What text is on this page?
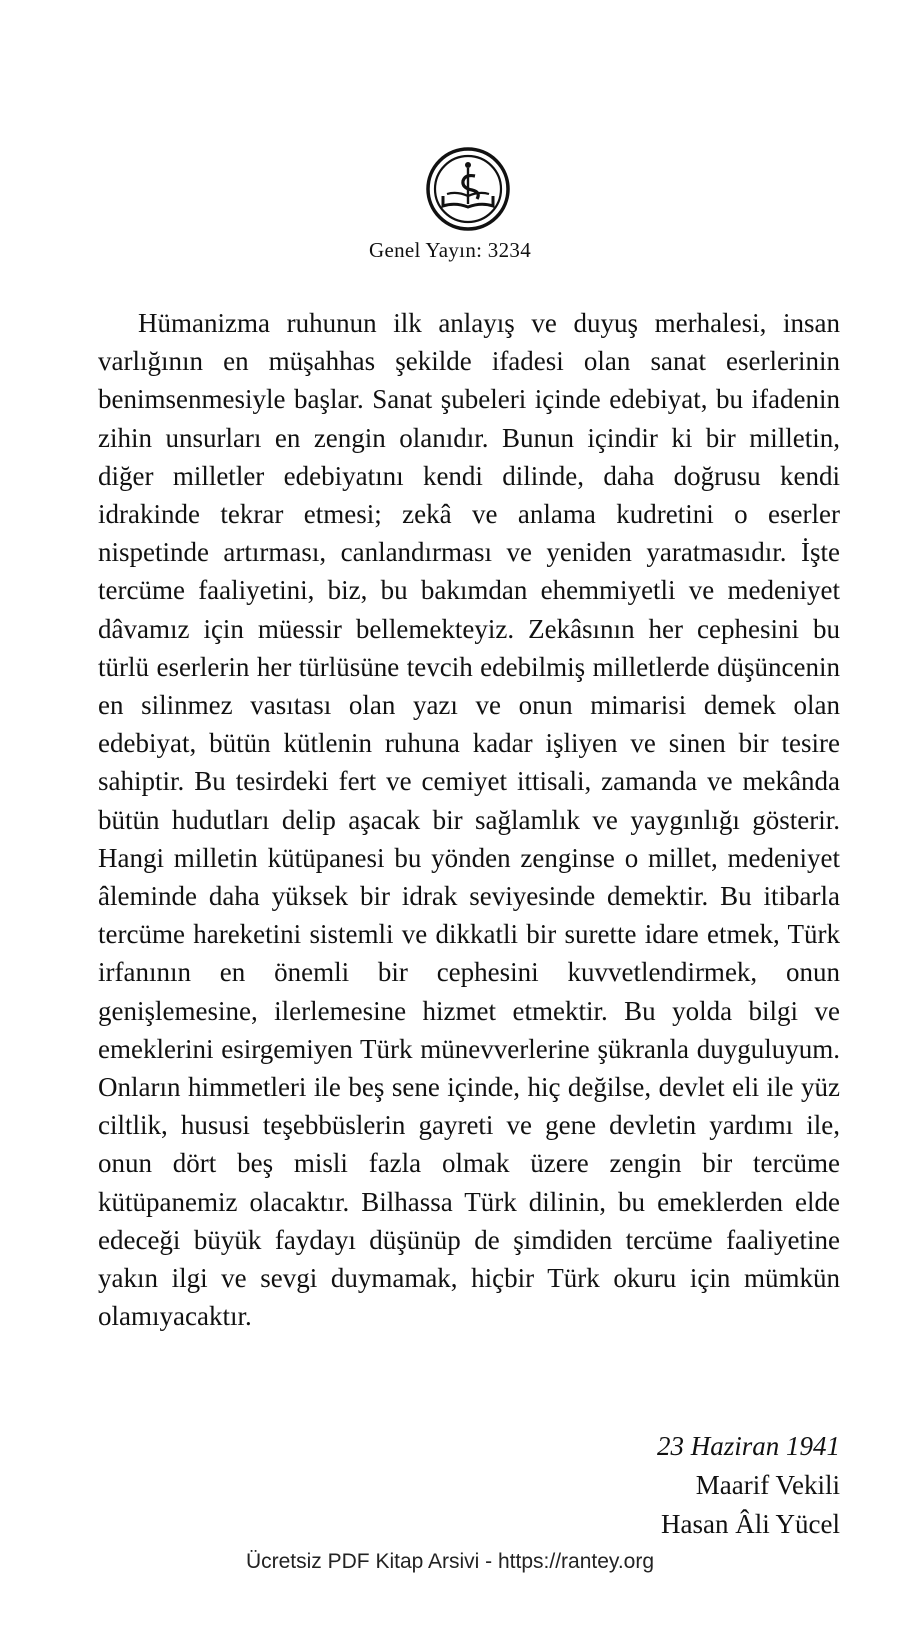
Genel Yayın: 3234

Hümanizma ruhunun ilk anlayış ve duyuş merhalesi, insan varlığının en müşahhas şekilde ifadesi olan sanat eserlerinin benimsenmesiyle başlar. Sanat şubeleri içinde edebiyat, bu ifadenin zihin unsurları en zengin olanıdır. Bunun içindir ki bir milletin, diğer milletler edebiyatını kendi dilinde, daha doğrusu kendi idrakinde tekrar etmesi; zekâ ve anlama kudretini o eserler nispetinde artırması, canlandırması ve yeniden yaratmasıdır. İşte tercüme faaliyetini, biz, bu bakımdan ehemmiyetli ve medeniyet dâvamız için müessir bellemekteyiz. Zekâsının her cephesini bu türlü eserlerin her türlüsüne tevcih edebilmiş milletlerde düşüncenin en silinmez vasıtası olan yazı ve onun mimarisi demek olan edebiyat, bütün kütlenin ruhuna kadar işliyen ve sinen bir tesire sahiptir. Bu tesirdeki fert ve cemiyet ittisali, zamanda ve mekânda bütün hudutları delip aşacak bir sağlamlık ve yaygınlığı gösterir. Hangi milletin kütüpanesi bu yönden zenginse o millet, medeniyet âleminde daha yüksek bir idrak seviyesinde demektir. Bu itibarla tercüme hareketini sistemli ve dikkatli bir surette idare etmek, Türk irfanının en önemli bir cephesini kuvvetlendirmek, onun genişlemesine, ilerlemesine hizmet etmektir. Bu yolda bilgi ve emeklerini esirgemiyen Türk münevverlerine şükranla duyguluyum. Onların himmetleri ile beş sene içinde, hiç değilse, devlet eli ile yüz ciltlik, hususi teşebbüslerin gayreti ve gene devletin yardımı ile, onun dört beş misli fazla olmak üzere zengin bir tercüme kütüpanemiz olacaktır. Bilhassa Türk dilinin, bu emeklerden elde edeceği büyük faydayı düşünüp de şimdiden tercüme faaliyetine yakın ilgi ve sevgi duymamak, hiçbir Türk okuru için mümkün olamıyacaktır.

23 Haziran 1941
Maarif Vekili
Hasan Âli Yücel
Ücretsiz PDF Kitap Arsivi - https://rantey.org
